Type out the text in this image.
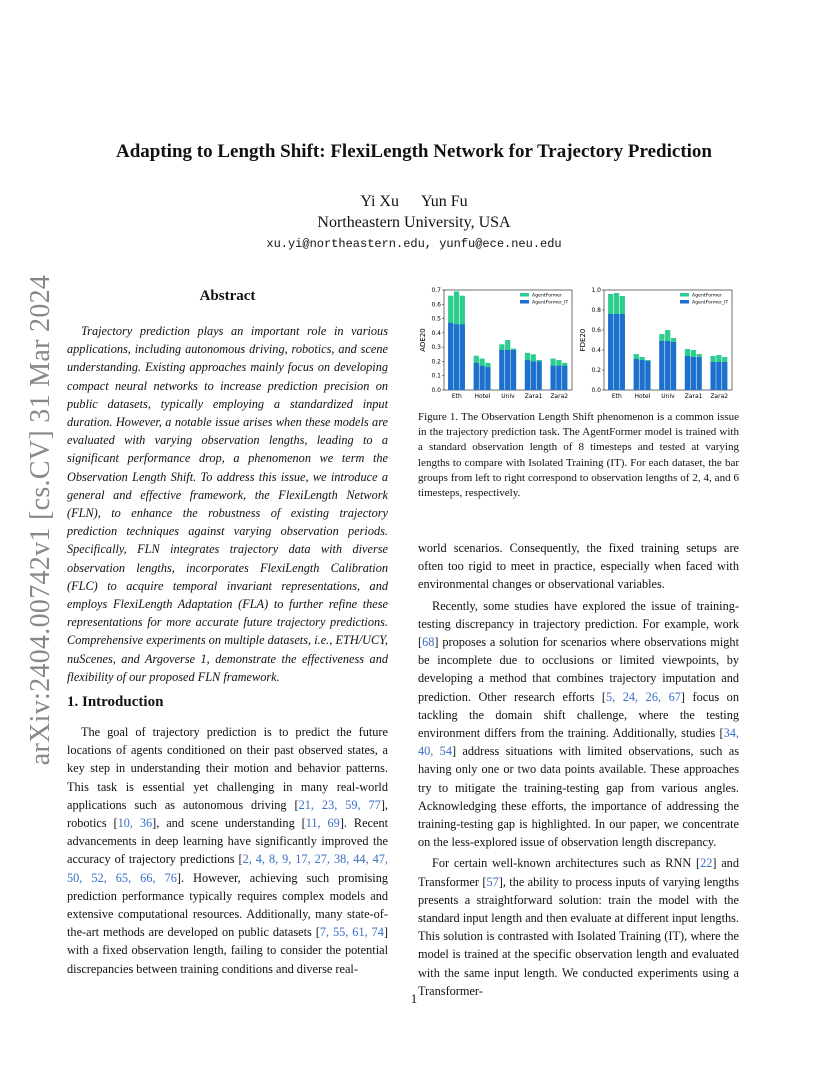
arXiv:2404.00742v1 [cs.CV] 31 Mar 2024
Adapting to Length Shift: FlexiLength Network for Trajectory Prediction
Yi Xu Yun Fu
Northeastern University, USA
xu.yi@northeastern.edu, yunfu@ece.neu.edu
Abstract

Trajectory prediction plays an important role in various applications, including autonomous driving, robotics, and scene understanding. Existing approaches mainly focus on developing compact neural networks to increase prediction precision on public datasets, typically employing a standardized input duration. However, a notable issue arises when these models are evaluated with varying observation lengths, leading to a significant performance drop, a phenomenon we term the Observation Length Shift. To address this issue, we introduce a general and effective framework, the FlexiLength Network (FLN), to enhance the robustness of existing trajectory prediction techniques against varying observation periods. Specifically, FLN integrates trajectory data with diverse observation lengths, incorporates FlexiLength Calibration (FLC) to acquire temporal invariant representations, and employs FlexiLength Adaptation (FLA) to further refine these representations for more accurate future trajectory predictions. Comprehensive experiments on multiple datasets, i.e., ETH/UCY, nuScenes, and Argoverse 1, demonstrate the effectiveness and flexibility of our proposed FLN framework.

1. Introduction

The goal of trajectory prediction is to predict the future locations of agents conditioned on their past observed states, a key step in understanding their motion and behavior patterns. This task is essential yet challenging in many real-world applications such as autonomous driving [21, 23, 59, 77], robotics [10, 36], and scene understanding [11, 69]. Recent advancements in deep learning have significantly improved the accuracy of trajectory predictions [2, 4, 8, 9, 17, 27, 38, 44, 47, 50, 52, 65, 66, 76]. However, achieving such promising prediction performance typically requires complex models and extensive computational resources. Additionally, many state-of-the-art methods are developed on public datasets [7, 55, 61, 74] with a fixed observation length, failing to consider the potential discrepancies between training conditions and diverse real-

ADE20
0.0
0.1
0.2
0.3
0.4
0.5
0.6
0.7
Eth Hotel Univ Zara1 Zara2
AgentFormer
AgentFormer_IT
FDE20
0.0
0.2
0.4
0.6
0.8
1.0
Eth Hotel Univ Zara1 Zara2
AgentFormer
AgentFormer_IT
Figure 1. The Observation Length Shift phenomenon is a common issue in the trajectory prediction task. The AgentFormer model is trained with a standard observation length of 8 timesteps and tested at varying lengths to compare with Isolated Training (IT). For each dataset, the bar groups from left to right correspond to observation lengths of 2, 4, and 6 timesteps, respectively.

world scenarios. Consequently, the fixed training setups are often too rigid to meet in practice, especially when faced with environmental changes or observational variables.

Recently, some studies have explored the issue of training-testing discrepancy in trajectory prediction. For example, work [68] proposes a solution for scenarios where observations might be incomplete due to occlusions or limited viewpoints, by developing a method that combines trajectory imputation and prediction. Other research efforts [5, 24, 26, 67] focus on tackling the domain shift challenge, where the testing environment differs from the training. Additionally, studies [34, 40, 54] address situations with limited observations, such as having only one or two data points available. These approaches try to mitigate the training-testing gap from various angles. Acknowledging these efforts, the importance of addressing the training-testing gap is highlighted. In our paper, we concentrate on the less-explored issue of observation length discrepancy.

For certain well-known architectures such as RNN [22] and Transformer [57], the ability to process inputs of varying lengths presents a straightforward solution: train the model with the standard input length and then evaluate at different input lengths. This solution is contrasted with Isolated Training (IT), where the model is trained at the specific observation length and evaluated with the same input length. We conducted experiments using a Transformer-

1
